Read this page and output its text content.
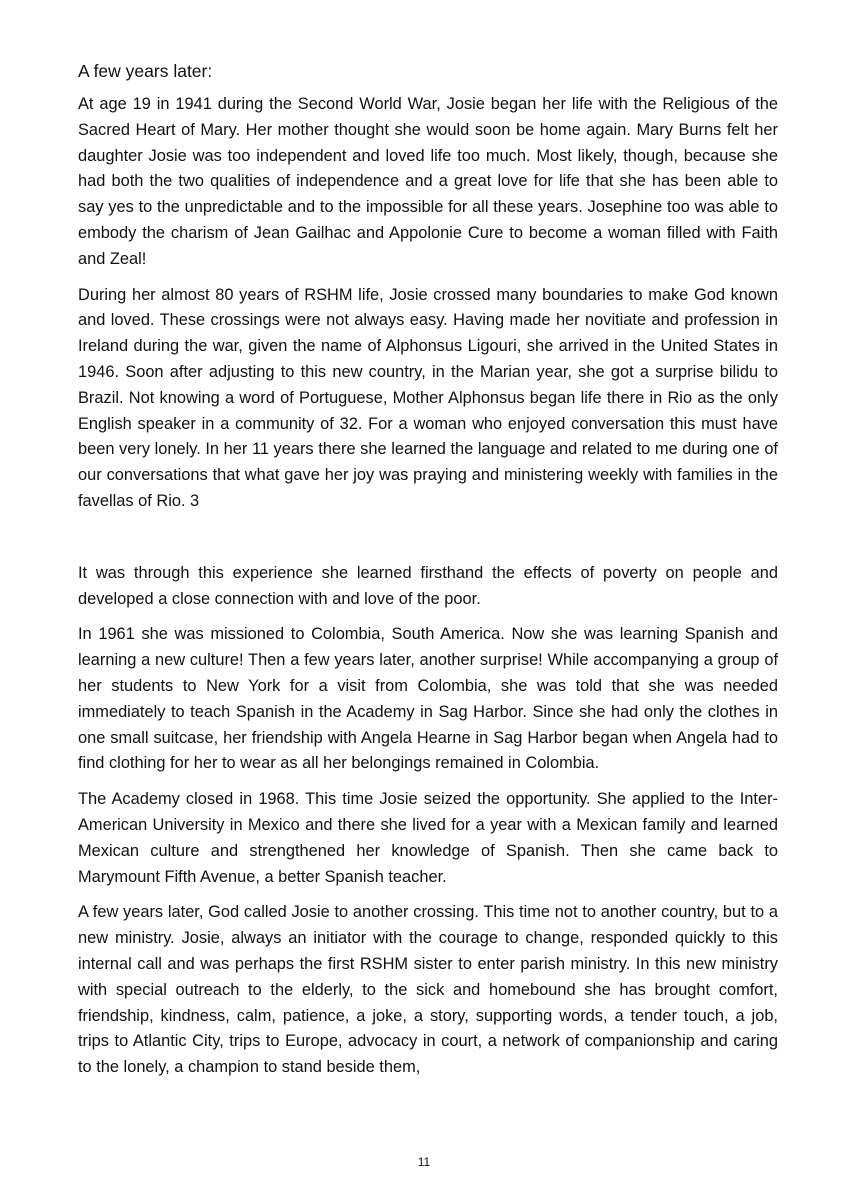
A few years later:

At age 19 in 1941 during the Second World War, Josie began her life with the Religious of the Sacred Heart of Mary. Her mother thought she would soon be home again. Mary Burns felt her daughter Josie was too independent and loved life too much. Most likely, though, because she had both the two qualities of independence and a great love for life that she has been able to say yes to the unpredictable and to the impossible for all these years. Josephine too was able to embody the charism of Jean Gailhac and Appolonie Cure to become a woman filled with Faith and Zeal!

During her almost 80 years of RSHM life, Josie crossed many boundaries to make God known and loved. These crossings were not always easy. Having made her novitiate and profession in Ireland during the war, given the name of Alphonsus Ligouri, she arrived in the United States in 1946. Soon after adjusting to this new country, in the Marian year, she got a surprise bilidu to Brazil. Not knowing a word of Portuguese, Mother Alphonsus began life there in Rio as the only English speaker in a community of 32. For a woman who enjoyed conversation this must have been very lonely. In her 11 years there she learned the language and related to me during one of our conversations that what gave her joy was praying and ministering weekly with families in the favellas of Rio. 3

It was through this experience she learned firsthand the effects of poverty on people and developed a close connection with and love of the poor.

In 1961 she was missioned to Colombia, South America. Now she was learning Spanish and learning a new culture! Then a few years later, another surprise! While accompanying a group of her students to New York for a visit from Colombia, she was told that she was needed immediately to teach Spanish in the Academy in Sag Harbor. Since she had only the clothes in one small suitcase, her friendship with Angela Hearne in Sag Harbor began when Angela had to find clothing for her to wear as all her belongings remained in Colombia.

The Academy closed in 1968. This time Josie seized the opportunity. She applied to the Inter-American University in Mexico and there she lived for a year with a Mexican family and learned Mexican culture and strengthened her knowledge of Spanish. Then she came back to Marymount Fifth Avenue, a better Spanish teacher.

A few years later, God called Josie to another crossing. This time not to another country, but to a new ministry. Josie, always an initiator with the courage to change, responded quickly to this internal call and was perhaps the first RSHM sister to enter parish ministry. In this new ministry with special outreach to the elderly, to the sick and homebound she has brought comfort, friendship, kindness, calm, patience, a joke, a story, supporting words, a tender touch, a job, trips to Atlantic City, trips to Europe, advocacy in court, a network of companionship and caring to the lonely, a champion to stand beside them,

11
